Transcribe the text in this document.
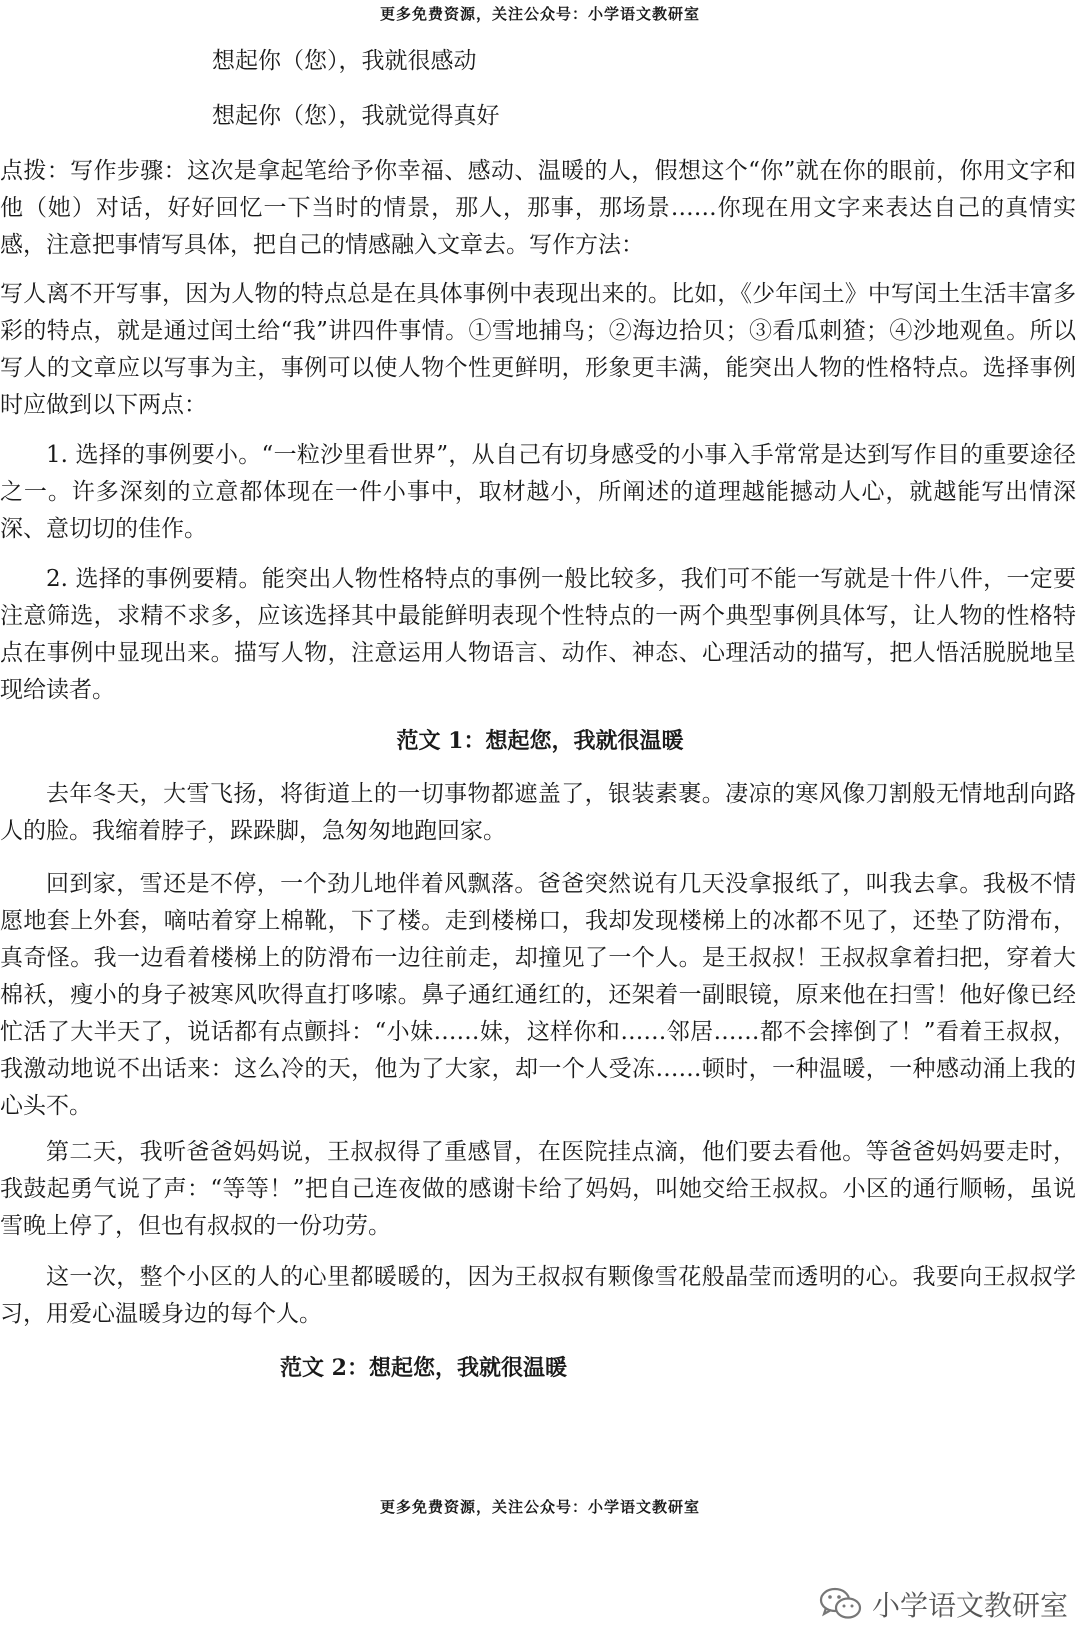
更多免费资源，关注公众号：小学语文教研室
想起你（您），我就很感动
想起你（您），我就觉得真好
点拨：写作步骤：这次是拿起笔给予你幸福、感动、温暖的人，假想这个“你”就在你的眼前，你用文字和他（她）对话，好好回忆一下当时的情景，那人，那事，那场景……你现在用文字来表达自己的真情实感，注意把事情写具体，把自己的情感融入文章去。写作方法：
写人离不开写事，因为人物的特点总是在具体事例中表现出来的。比如，《少年闰土》中写闰土生活丰富多彩的特点，就是通过闰土给“我”讲四件事情。①雪地捕鸟；②海边拾贝；③看瓜刺猹；④沙地观鱼。所以写人的文章应以写事为主，事例可以使人物个性更鲜明，形象更丰满，能突出人物的性格特点。选择事例时应做到以下两点：
1. 选择的事例要小。“一粒沙里看世界”，从自己有切身感受的小事入手常常是达到写作目的重要途径之一。许多深刻的立意都体现在一件小事中，取材越小，所阐述的道理越能撼动人心，就越能写出情深深、意切切的佳作。
2. 选择的事例要精。能突出人物性格特点的事例一般比较多，我们可不能一写就是十件八件，一定要注意筛选，求精不求多，应该选择其中最能鲜明表现个性特点的一两个典型事例具体写，让人物的性格特点在事例中显现出来。描写人物，注意运用人物语言、动作、神态、心理活动的描写，把人悟活脱脱地呈现给读者。
范文 1：想起您，我就很温暖
去年冬天，大雪飞扬，将街道上的一切事物都遮盖了，银装素裹。凄凉的寒风像刀割般无情地刮向路人的脸。我缩着脖子，跺跺脚，急匆匆地跑回家。
回到家，雪还是不停，一个劲儿地伴着风飘落。爸爸突然说有几天没拿报纸了，叫我去拿。我极不情愿地套上外套，嘀咕着穿上棉靴，下了楼。走到楼梯口，我却发现楼梯上的冰都不见了，还垫了防滑布，真奇怪。我一边看着楼梯上的防滑布一边往前走，却撞见了一个人。是王叔叔！王叔叔拿着扫把，穿着大棉袄，瘦小的身子被寒风吹得直打哆嗦。鼻子通红通红的，还架着一副眼镜，原来他在扫雪！他好像已经忙活了大半天了，说话都有点颤抖：“小妹……妹，这样你和……邻居……都不会摔倒了！”看着王叔叔，我激动地说不出话来：这么冷的天，他为了大家，却一个人受冻……顿时，一种温暖，一种感动涌上我的心头不。
第二天，我听爸爸妈妈说，王叔叔得了重感冒，在医院挂点滴，他们要去看他。等爸爸妈妈要走时，我鼓起勇气说了声：“等等！”把自己连夜做的感谢卡给了妈妈，叫她交给王叔叔。小区的通行顺畅，虽说雪晚上停了，但也有叔叔的一份功劳。
这一次，整个小区的人的心里都暖暖的，因为王叔叔有颗像雪花般晶莹而透明的心。我要向王叔叔学习，用爱心温暖身边的每个人。
范文 2：想起您，我就很温暖
更多免费资源，关注公众号：小学语文教研室
小学语文教研室
